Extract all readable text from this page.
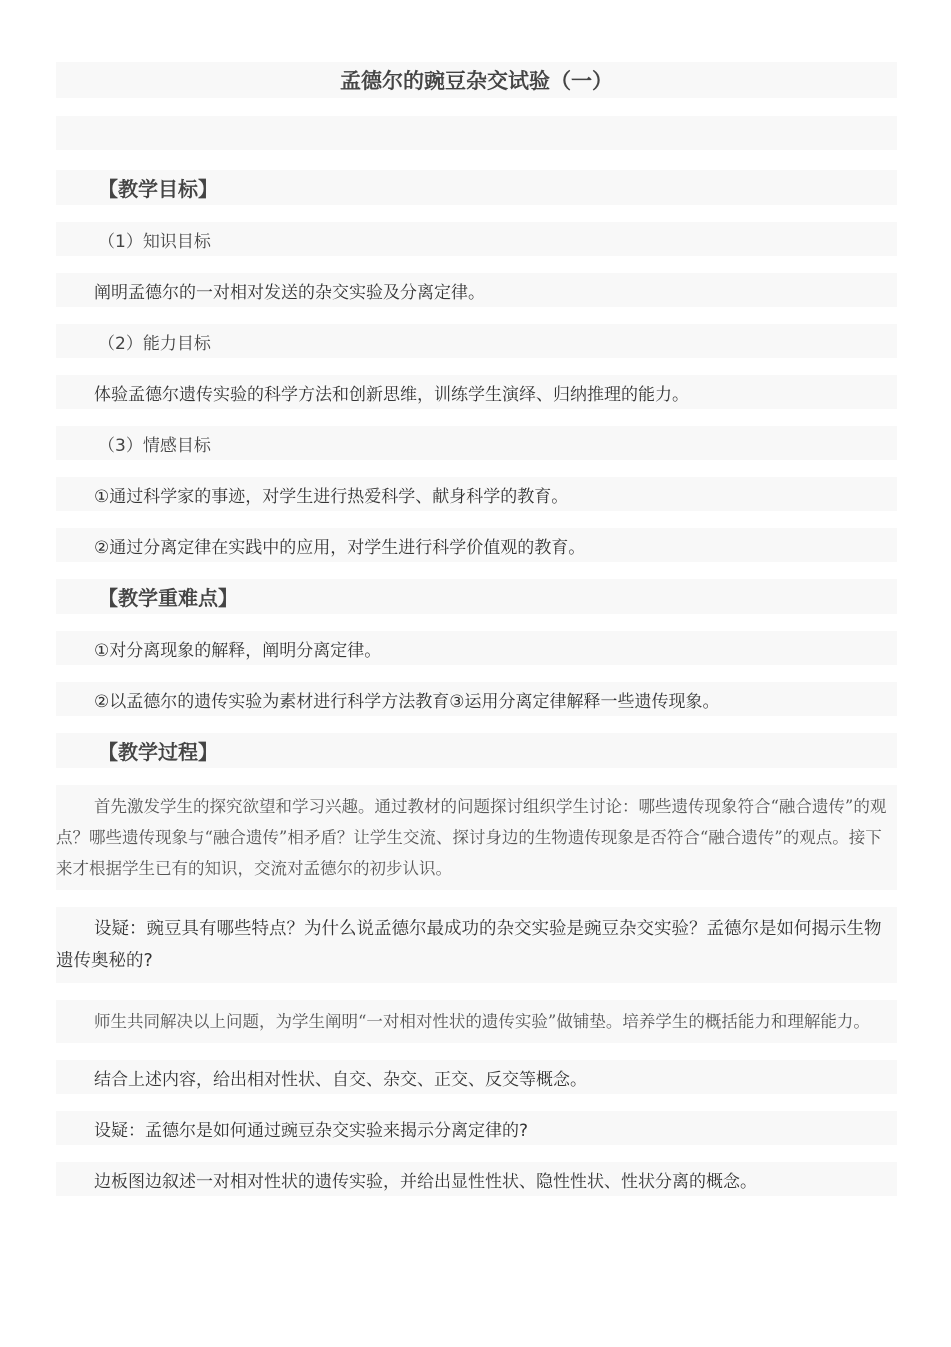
孟德尔的豌豆杂交试验（一）
【教学目标】
（1）知识目标
阐明孟德尔的一对相对发送的杂交实验及分离定律。
（2）能力目标
体验孟德尔遗传实验的科学方法和创新思维，训练学生演绎、归纳推理的能力。
（3）情感目标
①通过科学家的事迹，对学生进行热爱科学、献身科学的教育。
②通过分离定律在实践中的应用，对学生进行科学价值观的教育。
【教学重难点】
①对分离现象的解释，阐明分离定律。
②以孟德尔的遗传实验为素材进行科学方法教育③运用分离定律解释一些遗传现象。
【教学过程】
首先激发学生的探究欲望和学习兴趣。通过教材的问题探讨组织学生讨论：哪些遗传现象符合“融合遗传”的观点？哪些遗传现象与“融合遗传”相矛盾？让学生交流、探讨身边的生物遗传现象是否符合“融合遗传”的观点。接下来才根据学生已有的知识，交流对孟德尔的初步认识。
设疑：豌豆具有哪些特点？为什么说孟德尔最成功的杂交实验是豌豆杂交实验？孟德尔是如何揭示生物遗传奥秘的?
师生共同解决以上问题，为学生阐明“一对相对性状的遗传实验”做铺垫。培养学生的概括能力和理解能力。
结合上述内容，给出相对性状、自交、杂交、正交、反交等概念。
设疑：孟德尔是如何通过豌豆杂交实验来揭示分离定律的?
边板图边叙述一对相对性状的遗传实验，并给出显性性状、隐性性状、性状分离的概念。
